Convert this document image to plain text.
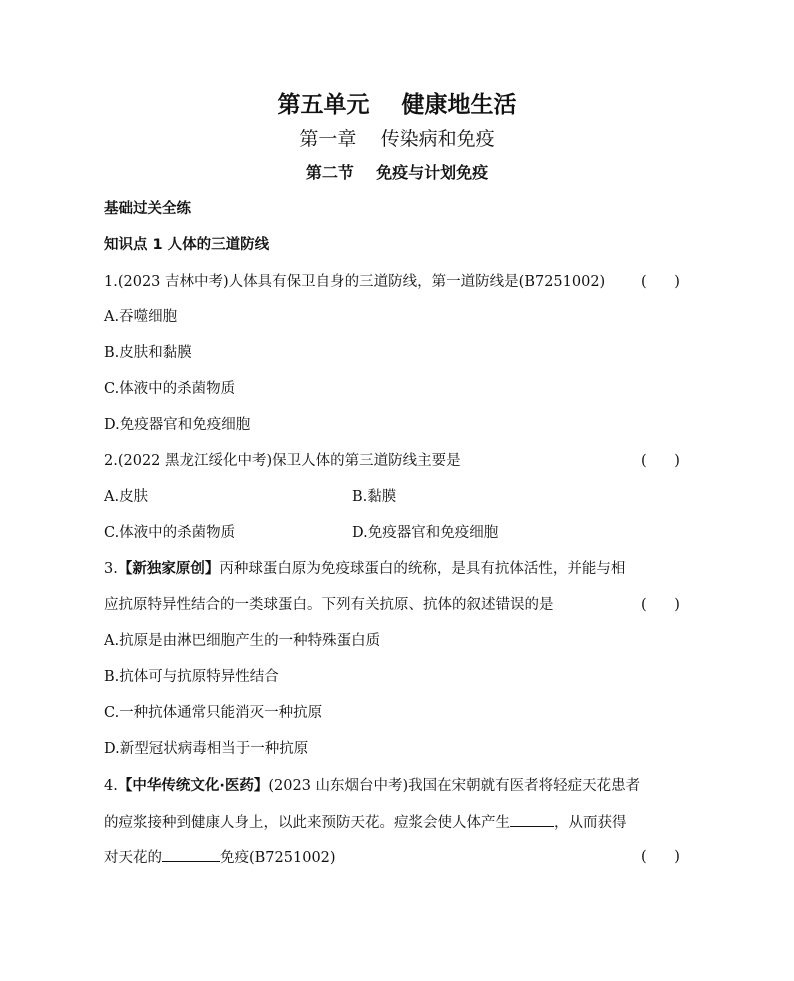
第五单元    健康地生活
第一章    传染病和免疫
第二节    免疫与计划免疫
基础过关全练
知识点 1 人体的三道防线
1.(2023 吉林中考)人体具有保卫自身的三道防线，第一道防线是(B7251002) (      )
A.吞噬细胞
B.皮肤和黏膜
C.体液中的杀菌物质
D.免疫器官和免疫细胞
2.(2022 黑龙江绥化中考)保卫人体的第三道防线主要是	(      )
A.皮肤	B.黏膜
C.体液中的杀菌物质	D.免疫器官和免疫细胞
3.【新独家原创】丙种球蛋白原为免疫球蛋白的统称，是具有抗体活性，并能与相
应抗原特异性结合的一类球蛋白。下列有关抗原、抗体的叙述错误的是	(      )
A.抗原是由淋巴细胞产生的一种特殊蛋白质
B.抗体可与抗原特异性结合
C.一种抗体通常只能消灭一种抗原
D.新型冠状病毒相当于一种抗原
4.【中华传统文化·医药】(2023 山东烟台中考)我国在宋朝就有医者将轻症天花患者
的痘浆接种到健康人身上，以此来预防天花。痘浆会使人体产生	，从而获得
对天花的	免疫(B7251002)	(      )
